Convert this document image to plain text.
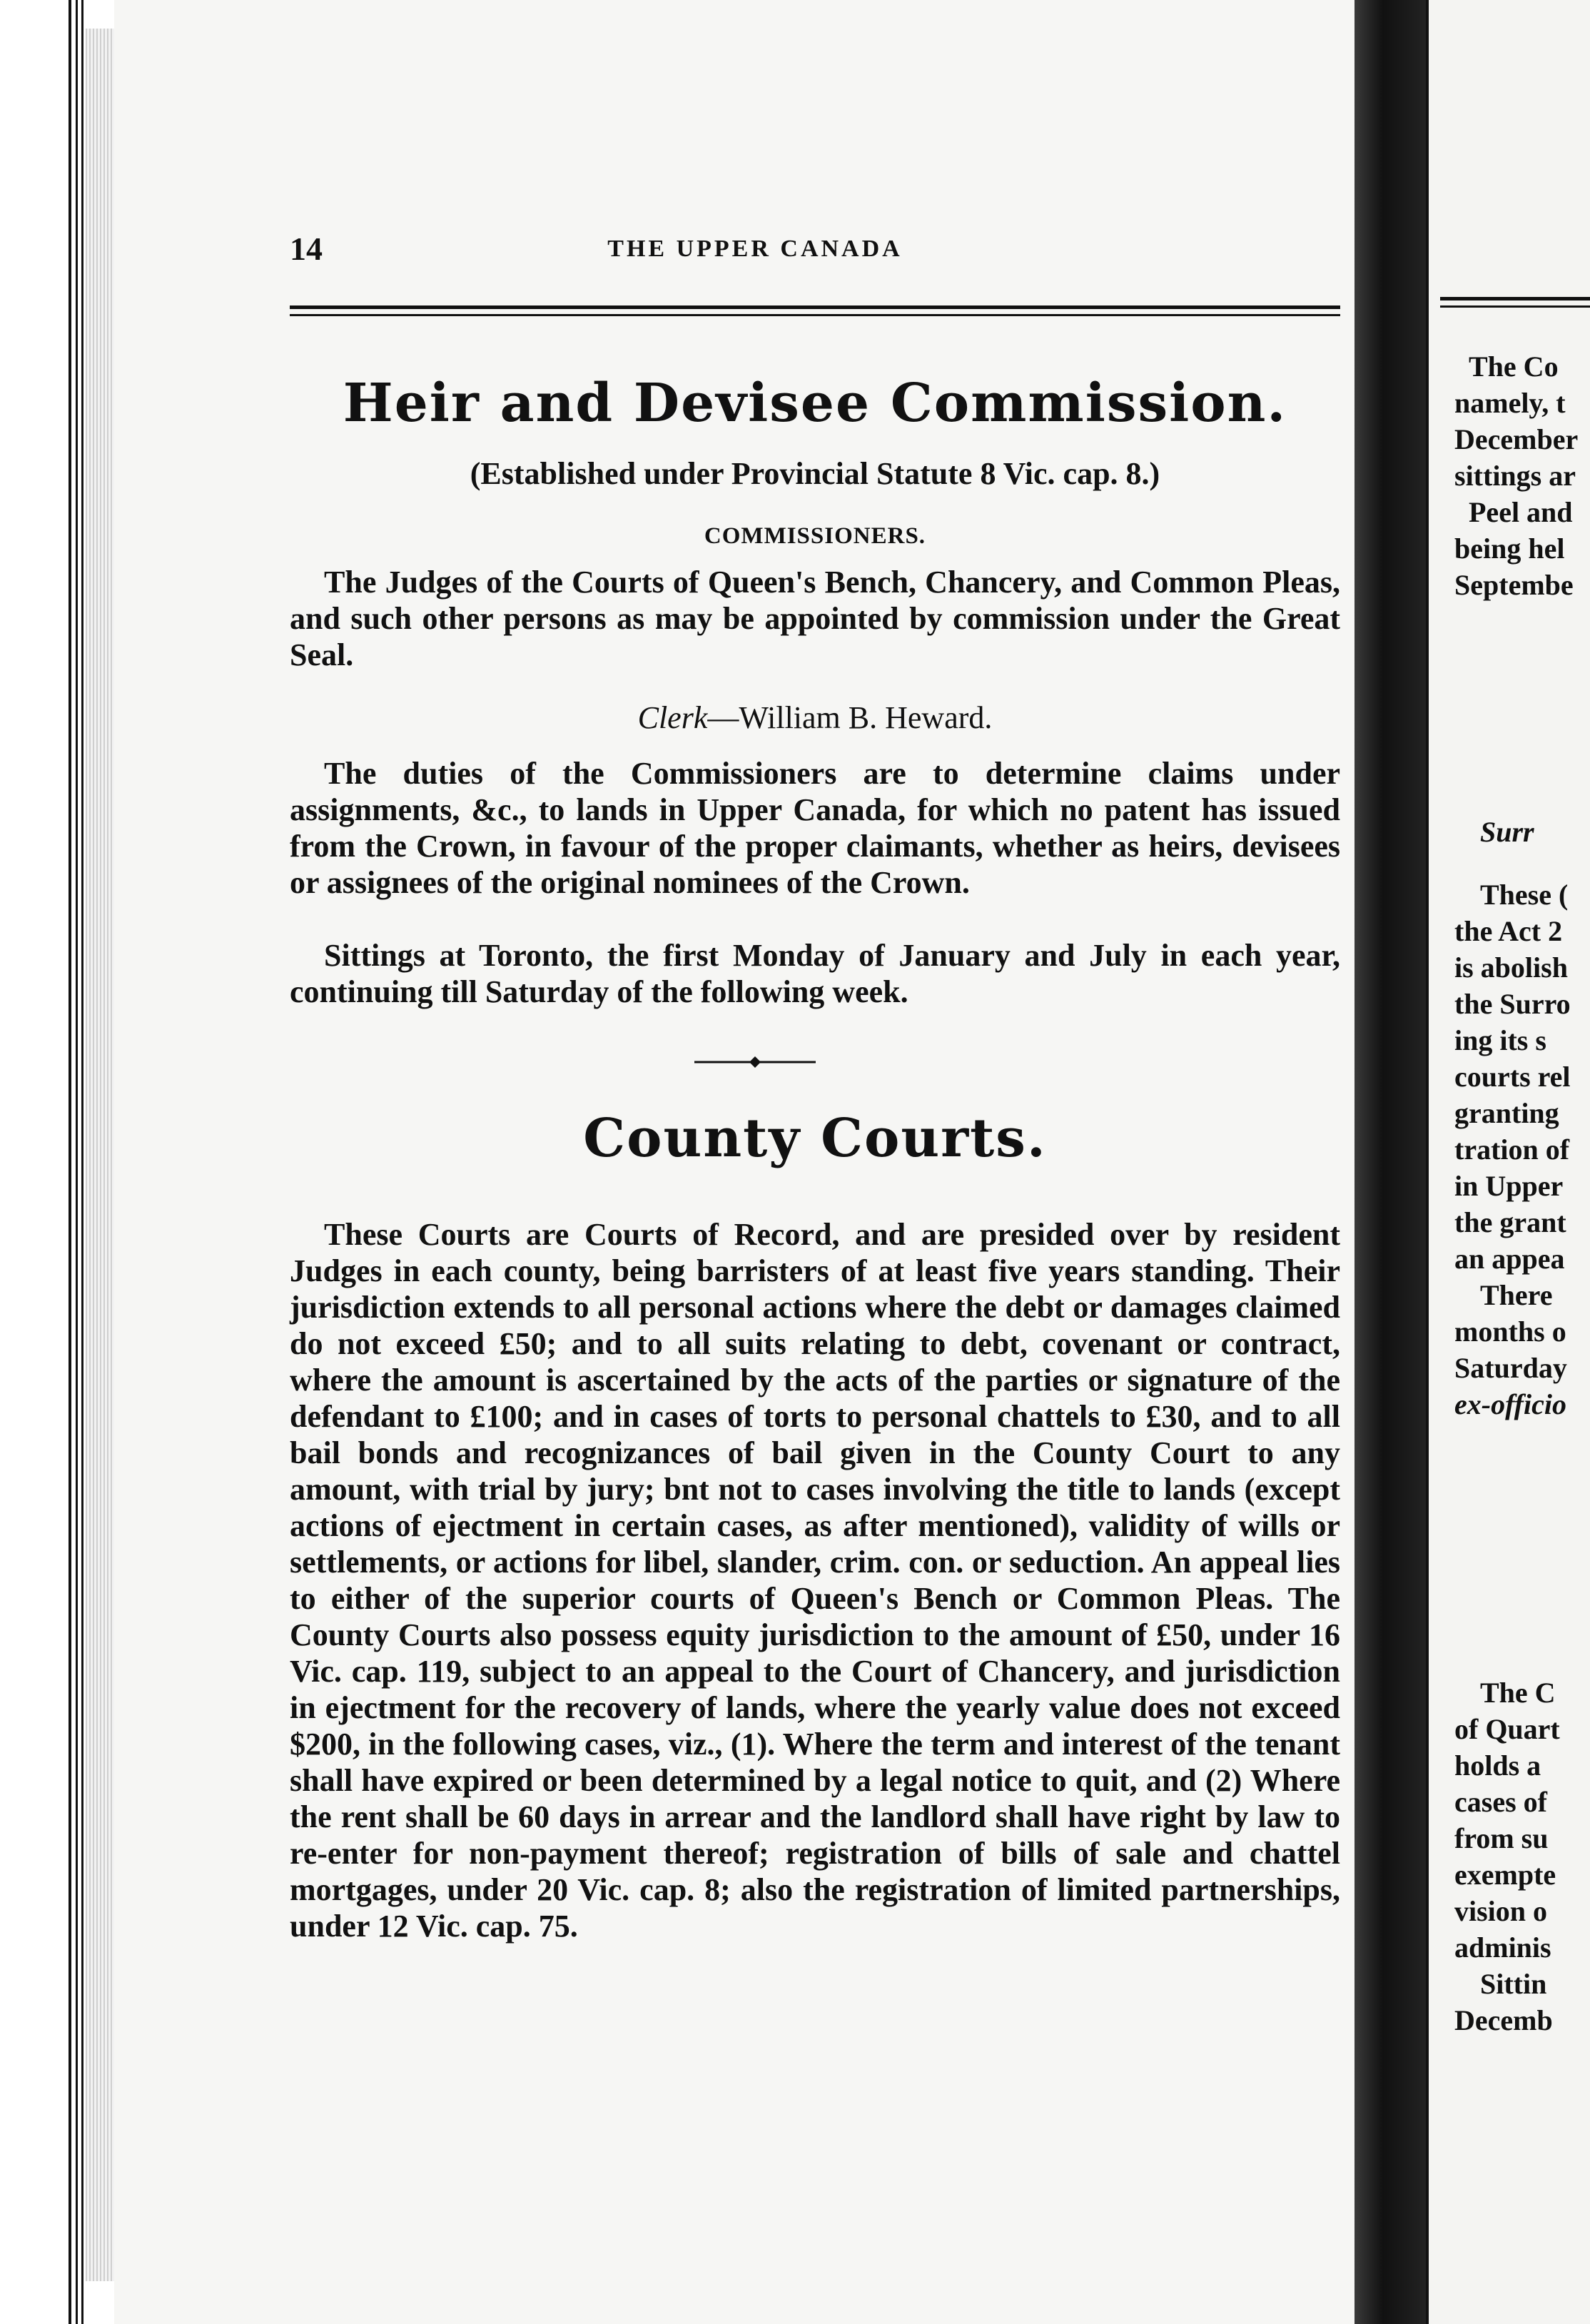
14	THE UPPER CANADA
Heir and Devisee Commission.
(Established under Provincial Statute 8 Vic. cap. 8.)
COMMISSIONERS.

The Judges of the Courts of Queen's Bench, Chancery, and Common Pleas, and such other persons as may be appointed by commission under the Great Seal.

Clerk—William B. Heward.

The duties of the Commissioners are to determine claims under assignments, &c., to lands in Upper Canada, for which no patent has issued from the Crown, in favour of the proper claimants, whether as heirs, devisees or assignees of the original nominees of the Crown.

Sittings at Toronto, the first Monday of January and July in each year, continuing till Saturday of the following week.

County Courts.

These Courts are Courts of Record, and are presided over by resident Judges in each county, being barristers of at least five years standing. Their jurisdiction extends to all personal actions where the debt or damages claimed do not exceed £50; and to all suits relating to debt, covenant or contract, where the amount is ascertained by the acts of the parties or signature of the defendant to £100; and in cases of torts to personal chattels to £30, and to all bail bonds and recognizances of bail given in the County Court to any amount, with trial by jury; bnt not to cases involving the title to lands (except actions of ejectment in certain cases, as after mentioned), validity of wills or settlements, or actions for libel, slander, crim. con. or seduction. An appeal lies to either of the superior courts of Queen's Bench or Common Pleas. The County Courts also possess equity jurisdiction to the amount of £50, under 16 Vic. cap. 119, subject to an appeal to the Court of Chancery, and jurisdiction in ejectment for the recovery of lands, where the yearly value does not exceed $200, in the following cases, viz., (1). Where the term and interest of the tenant shall have expired or been determined by a legal notice to quit, and (2) Where the rent shall be 60 days in arrear and the landlord shall have right by law to re-enter for non-payment thereof; registration of bills of sale and chattel mortgages, under 20 Vic. cap. 8; also the registration of limited partnerships, under 12 Vic. cap. 75.

The Co
namely, t
December
sittings ar
Peel and
being hel
Septembe
Surr
These (
the Act 2
is abolish
the Surro
ing its s
courts rel
granting
tration of
in Upper
the grant
an appea
There
months o
Saturday
ex-officio
The C
of Quart
holds a
cases of
from su
exempte
vision o
adminis
Sittin
Decemb
